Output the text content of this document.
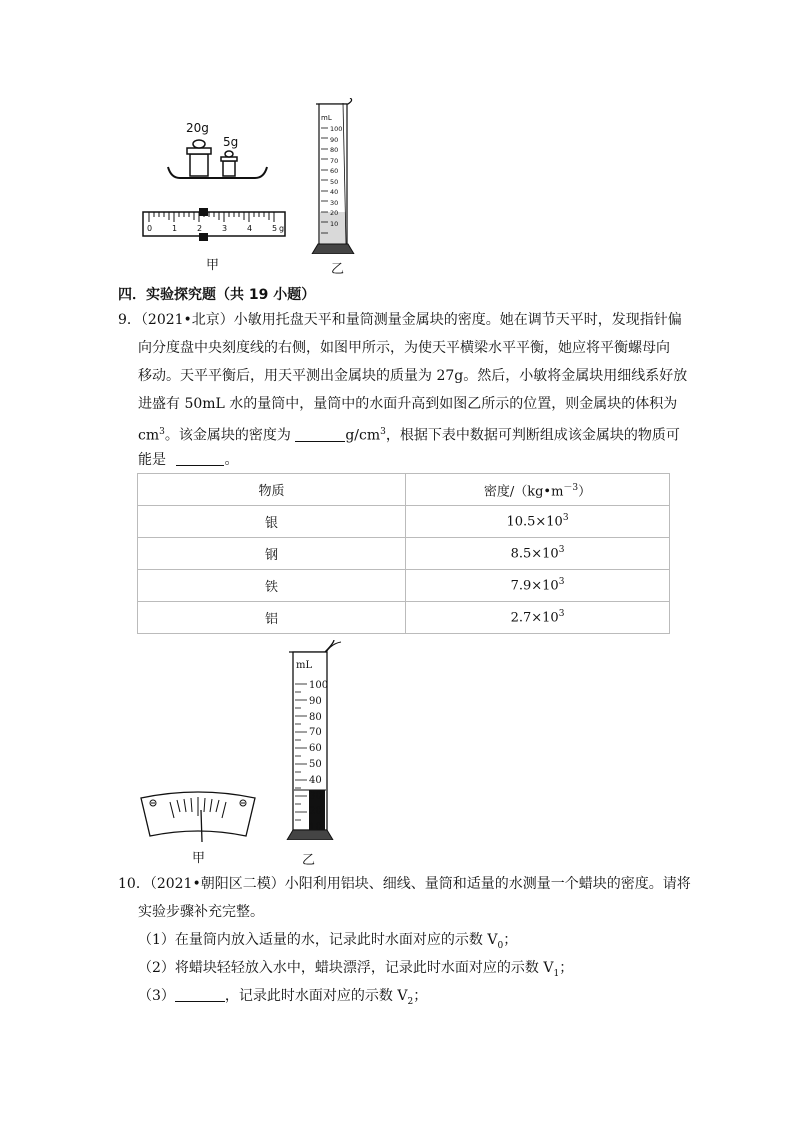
20g
5g
0 1 2 3 4 5 g
甲
mL
100
90
80
70
60
50
40
30
20
10
乙
四．实验探究题（共 19 小题）
9．（2021•北京）小敏用托盘天平和量筒测量金属块的密度。她在调节天平时，发现指针偏
向分度盘中央刻度线的右侧，如图甲所示，为使天平横梁水平平衡，她应将平衡螺母向
移动。天平平衡后，用天平测出金属块的质量为 27g。然后，小敏将金属块用细线系好放
进盛有 50mL 水的量筒中，量筒中的水面升高到如图乙所示的位置，则金属块的体积为
$cm^3$。该金属块的密度为	$g/cm^3$，根据下表中数据可判断组成该金属块的物质可
能是	。
物质	密度$/(kg•m^{-3})$
银	$10.5\times 10^3$
钢	$8.5\times 10^3$
铁	$7.9\times 10^3$
铝	$2.7\times 10^3$
甲
mL
100
90
80
70
60
50
40
30
20
10
乙
10．（2021•朝阳区二模）小阳利用铝块、细线、量筒和适量的水测量一个蜡块的密度。请将
实验步骤补充完整。
（1）在量筒内放入适量的水，记录此时水面对应的示数 $V_0$；
（2）将蜡块轻轻放入水中，蜡块漂浮，记录此时水面对应的示数 $V_1$；
（3）	，记录此时水面对应的示数 $V_2$；
